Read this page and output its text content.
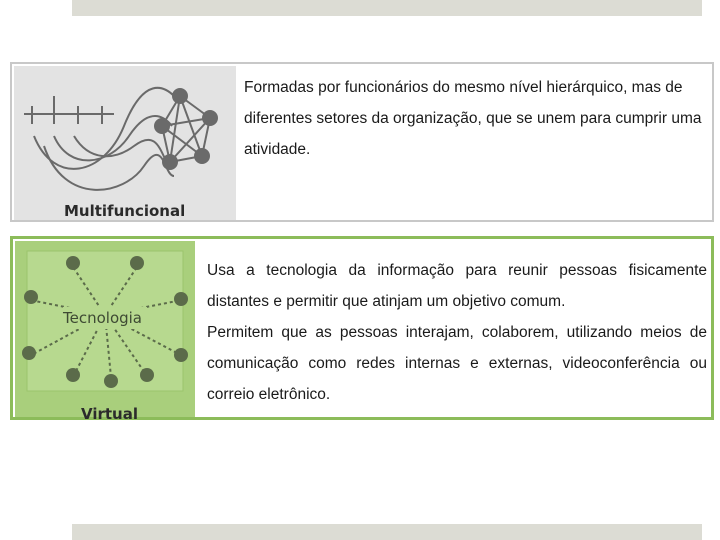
Multifuncional
Formadas por funcionários do mesmo nível hierárquico, mas de diferentes setores da organização, que se unem para cumprir uma atividade.
Tecnologia
Virtual

Usa a tecnologia da informação para reunir pessoas fisicamente distantes e permitir que atinjam um objetivo comum.

Permitem que as pessoas interajam, colaborem, utilizando meios de comunicação como redes internas e externas, videoconferência ou correio eletrônico.
